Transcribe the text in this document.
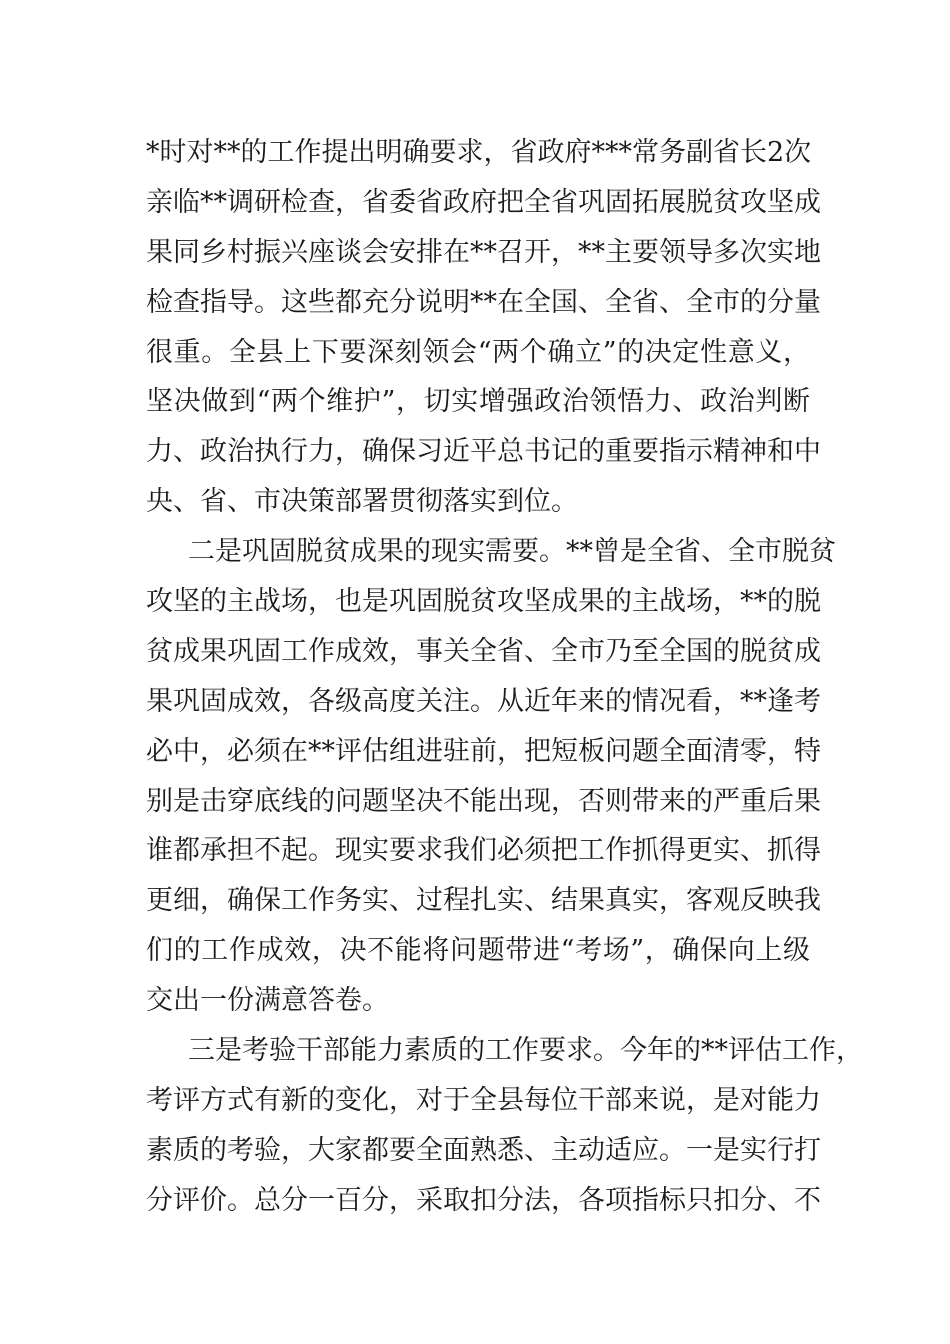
*时对**的工作提出明确要求，省政府***常务副省长2次
亲临**调研检查，省委省政府把全省巩固拓展脱贫攻坚成
果同乡村振兴座谈会安排在**召开，**主要领导多次实地
检查指导。这些都充分说明**在全国、全省、全市的分量
很重。全县上下要深刻领会“两个确立”的决定性意义，
坚决做到“两个维护”，切实增强政治领悟力、政治判断
力、政治执行力，确保习近平总书记的重要指示精神和中
央、省、市决策部署贯彻落实到位。
二是巩固脱贫成果的现实需要。**曾是全省、全市脱贫
攻坚的主战场，也是巩固脱贫攻坚成果的主战场，**的脱
贫成果巩固工作成效，事关全省、全市乃至全国的脱贫成
果巩固成效，各级高度关注。从近年来的情况看，**逢考
必中，必须在**评估组进驻前，把短板问题全面清零，特
别是击穿底线的问题坚决不能出现，否则带来的严重后果
谁都承担不起。现实要求我们必须把工作抓得更实、抓得
更细，确保工作务实、过程扎实、结果真实，客观反映我
们的工作成效，决不能将问题带进“考场”，确保向上级
交出一份满意答卷。
三是考验干部能力素质的工作要求。今年的**评估工作，
考评方式有新的变化，对于全县每位干部来说，是对能力
素质的考验，大家都要全面熟悉、主动适应。一是实行打
分评价。总分一百分，采取扣分法，各项指标只扣分、不
